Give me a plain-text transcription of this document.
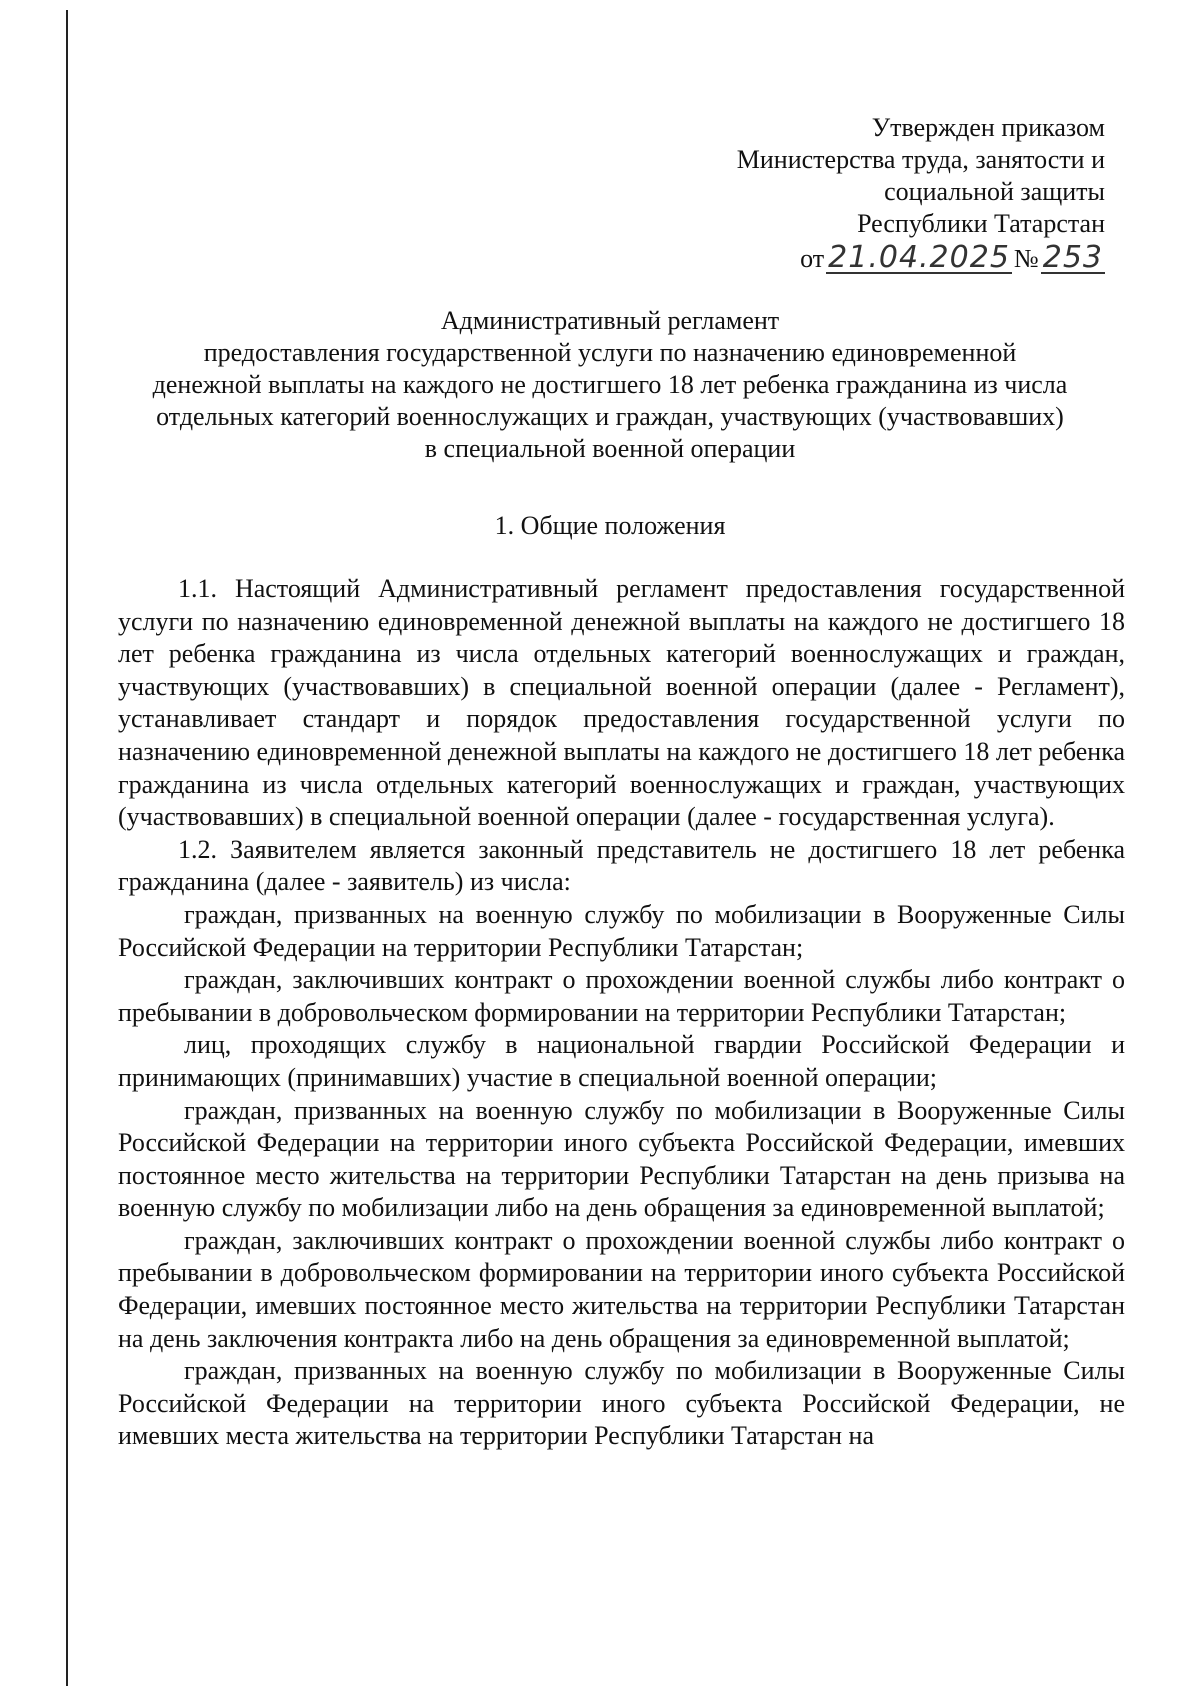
Утвержден приказом
Министерства труда, занятости и
социальной защиты
Республики Татарстан
от 21.04.2025 № 253
Административный регламент
предоставления государственной услуги по назначению единовременной
денежной выплаты на каждого не достигшего 18 лет ребенка гражданина из числа
отдельных категорий военнослужащих и граждан, участвующих (участвовавших)
в специальной военной операции
1. Общие положения

1.1. Настоящий Административный регламент предоставления государственной услуги по назначению единовременной денежной выплаты на каждого не достигшего 18 лет ребенка гражданина из числа отдельных категорий военнослужащих и граждан, участвующих (участвовавших) в специальной военной операции (далее - Регламент), устанавливает стандарт и порядок предоставления государственной услуги по назначению единовременной денежной выплаты на каждого не достигшего 18 лет ребенка гражданина из числа отдельных категорий военнослужащих и граждан, участвующих (участвовавших) в специальной военной операции (далее - государственная услуга).

1.2. Заявителем является законный представитель не достигшего 18 лет ребенка гражданина (далее - заявитель) из числа:

граждан, призванных на военную службу по мобилизации в Вооруженные Силы Российской Федерации на территории Республики Татарстан;

граждан, заключивших контракт о прохождении военной службы либо контракт о пребывании в добровольческом формировании на территории Республики Татарстан;

лиц, проходящих службу в национальной гвардии Российской Федерации и принимающих (принимавших) участие в специальной военной операции;

граждан, призванных на военную службу по мобилизации в Вооруженные Силы Российской Федерации на территории иного субъекта Российской Федерации, имевших постоянное место жительства на территории Республики Татарстан на день призыва на военную службу по мобилизации либо на день обращения за единовременной выплатой;

граждан, заключивших контракт о прохождении военной службы либо контракт о пребывании в добровольческом формировании на территории иного субъекта Российской Федерации, имевших постоянное место жительства на территории Республики Татарстан на день заключения контракта либо на день обращения за единовременной выплатой;

граждан, призванных на военную службу по мобилизации в Вооруженные Силы Российской Федерации на территории иного субъекта Российской Федерации, не имевших места жительства на территории Республики Татарстан на
